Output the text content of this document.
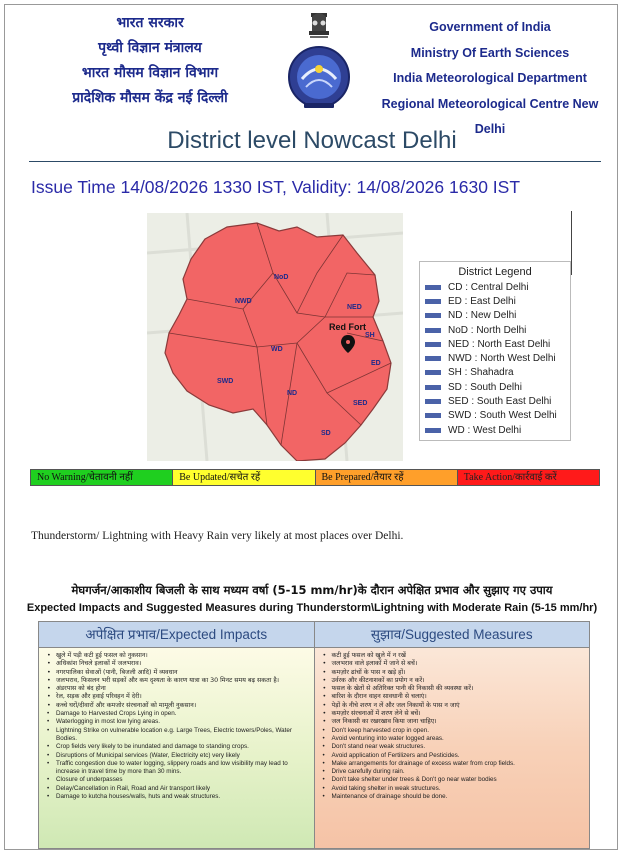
भारत सरकार
पृथ्वी विज्ञान मंत्रालय
भारत मौसम विज्ञान विभाग
प्रादेशिक मौसम केंद्र नई दिल्ली
Government of India
Ministry Of Earth Sciences
India Meteorological Department
Regional Meteorological Centre New Delhi
District level Nowcast Delhi
Issue Time 14/08/2026 1330 IST, Validity: 14/08/2026 1630 IST
NoD
NWD
NED
SH
WD
ED
SWD
ND
SED
SD
Red Fort
District Legend
CD : Central Delhi
ED : East Delhi
ND : New Delhi
NoD : North Delhi
NED : North East Delhi
NWD : North West Delhi
SH : Shahadra
SD : South Delhi
SED : South East Delhi
SWD : South West Delhi
WD : West Delhi
No Warning/चेतावनी नहीं	Be Updated/सचेत रहें	Be Prepared/तैयार रहें	Take Action/कार्रवाई करें
Thunderstorm/ Lightning with Heavy Rain very likely at most places over Delhi.
मेघगर्जन/आकाशीय बिजली के साथ मध्यम वर्षा (5-15 mm/hr)के दौरान अपेक्षित प्रभाव और सुझाए गए उपाय
Expected Impacts and Suggested Measures during Thunderstorm\Lightning with Moderate Rain (5-15 mm/hr)
अपेक्षित प्रभाव/Expected Impacts	सुझाव/Suggested Measures
• खुले में पड़ी कटी हुई फसल को नुकसान।
• अधिकांश निचले इलाकों में जलभराव।
• नगरपालिका सेवाओं (पानी, बिजली आदि) में व्यवधान
• जलभराव, फिसलन भरी सड़कों और कम दृश्यता के कारण यात्रा का 30 मिनट समय बढ़ सकता है।
• अंडरपास को बंद होना
• रेल, सड़क और हवाई परिवहन में देरी।
• कच्चे घरों/दीवारों और कमजोर संरचनाओं को मामूली नुकसान।
• Damage to Harvested Crops Lying in open.
• Waterlogging in most low lying areas.
• Lightning Strike on vulnerable location e.g. Large Trees, Electric towers/Poles, Water Bodies.
• Crop fields very likely to be inundated and damage to standing crops.
• Disruptions of Municipal services (Water, Electricity etc) very likely
• Traffic congestion due to water logging, slippery roads and low visibility may lead to increase in travel time by more than 30 mins.
• Closure of underpasses
• Delay/Cancellation in Rail, Road and Air transport likely
• Damage to kutcha houses/walls, huts and weak structures.
• कटी हुई फसल को खुले में न रखें
• जलभराव वाले इलाकों में जाने से बचें।
• कमज़ोर ढांचों के पास न खड़े हों।
• उर्वरक और कीटनाशकों का प्रयोग न करें।
• फसल के खेतों से अतिरिक्त पानी की निकासी की व्यवस्था करें।
• बारिश के दौरान वाहन सावधानी से चलाएं।
• पेड़ों के नीचे शरण न लें और जल निकायों के पास न जाएं
• कमज़ोर संरचनाओं में शरण लेने से बचें।
• जल निकासी का रखरखाव किया जाना चाहिए।
• Don't keep harvested crop in open.
• Avoid venturing into water logged areas.
• Don't stand near weak structures.
• Avoid application of Fertilizers and Pesticides.
• Make arrangements for drainage of excess water from crop fields.
• Drive carefully during rain.
• Don't take shelter under trees & Don't go near water bodies
• Avoid taking shelter in weak structures.
• Maintenance of drainage should be done.
